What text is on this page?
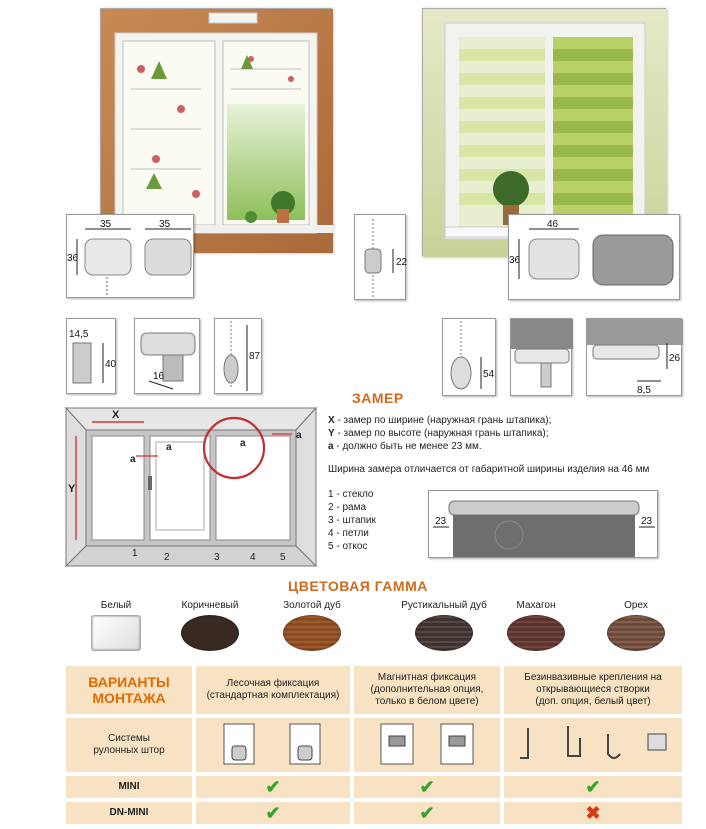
35	35
36	22
46
36
14,5
40
16
87
54
26
8,5
X
Y
a
a	a
a
1	2	3	4 5
ЗАМЕР
X - замер по ширине (наружная грань штапика);
Y - замер по высоте (наружная грань штапика);
a - должно быть не менее 23 мм.
Ширина замера отличается от габаритной ширины изделия на 46 мм
1 - стекло
2 - рама
3 - штапик
4 - петли
5 - откос
23	23
ЦВЕТОВАЯ ГАММА
Белый	Коричневый	Золотой дуб	Рустикальный дуб	Махагон	Орех
ВАРИАНТЫ
МОНТАЖА
Лесочная фиксация
(стандартная комплектация)
Магнитная фиксация
(дополнительная опция,
только в белом цвете)
Безинвазивные крепления на
открывающиеся створки
(доп. опция, белый цвет)
Системы
рулонных штор
MINI	✔	✔	✔
DN-MINI	✔	✔	✖
